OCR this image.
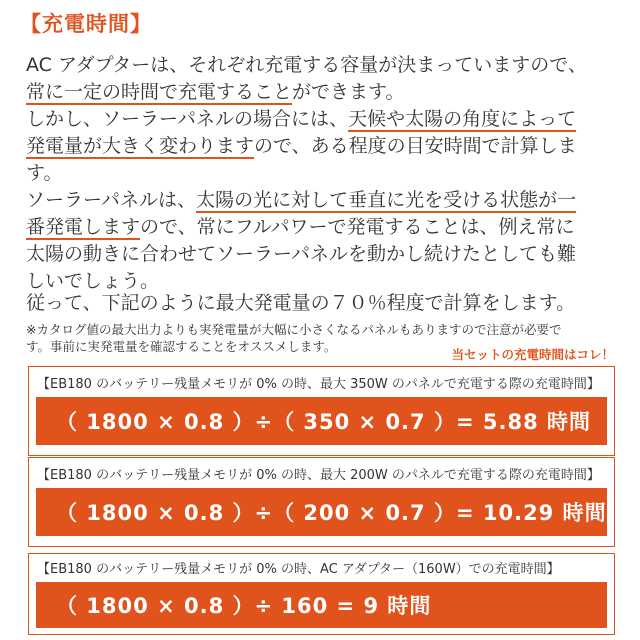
【充電時間】
AC アダプターは、それぞれ充電する容量が決まっていますので、
常に一定の時間で充電することができます。
しかし、ソーラーパネルの場合には、天候や太陽の角度によって
発電量が大きく変わりますので、ある程度の目安時間で計算しま
す。
ソーラーパネルは、太陽の光に対して垂直に光を受ける状態が一
番発電しますので、常にフルパワーで発電することは、例え常に
太陽の動きに合わせてソーラーパネルを動かし続けたとしても難
しいでしょう。
従って、下記のように最大発電量の７０％程度で計算をします。
※カタログ値の最大出力よりも実発電量が大幅に小さくなるパネルもありますので注意が必要で
す。事前に実発電量を確認することをオススメします。
当セットの充電時間はコレ！
【EB180 のバッテリー残量メモリが 0% の時、最大 350W のパネルで充電する際の充電時間】
（ 1800 × 0.8 ）÷（ 350 × 0.7 ）= 5.88 時間
【EB180 のバッテリー残量メモリが 0% の時、最大 200W のパネルで充電する際の充電時間】
（ 1800 × 0.8 ）÷（ 200 × 0.7 ）= 10.29 時間
【EB180 のバッテリー残量メモリが 0% の時、AC アダプター（160W）での充電時間】
（ 1800 × 0.8 ）÷ 160 = 9 時間
